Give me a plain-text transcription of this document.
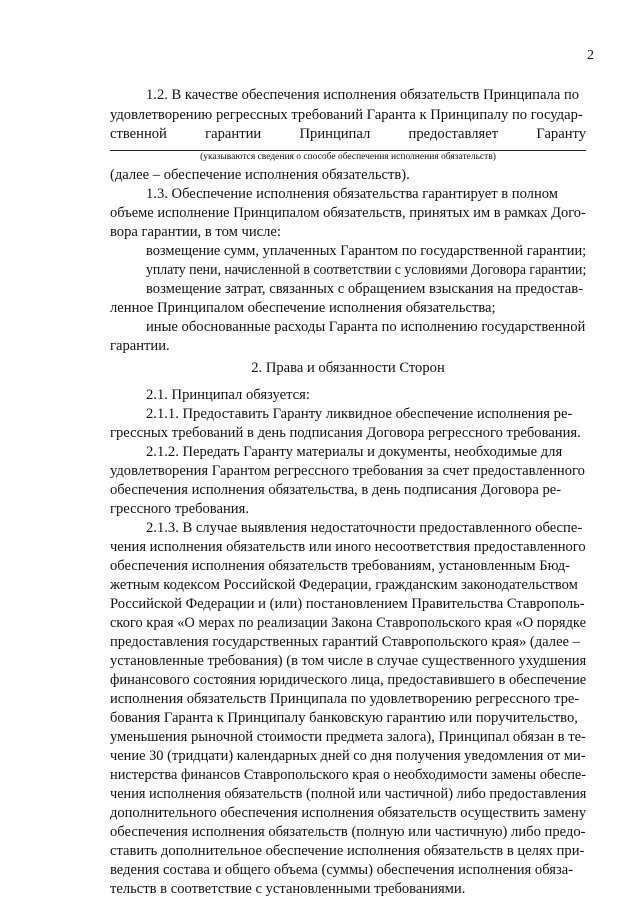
2
1.2. В качестве обеспечения исполнения обязательств Принципала по
удовлетворению регрессных требований Гаранта к Принципалу по государ-
ственной	гарантии	Принципал	предоставляет	Гаранту
(указываются сведения о способе обеспечения исполнения обязательств)
(далее – обеспечение исполнения обязательств).
1.3. Обеспечение исполнения обязательства гарантирует в полном
объеме исполнение Принципалом обязательств, принятых им в рамках Дого-
вора гарантии, в том числе:
возмещение сумм, уплаченных Гарантом по государственной гарантии;
уплату пени, начисленной в соответствии с условиями Договора гарантии;
возмещение затрат, связанных с обращением взыскания на предостав-
ленное Принципалом обеспечение исполнения обязательства;
иные обоснованные расходы Гаранта по исполнению государственной
гарантии.
2. Права и обязанности Сторон
2.1. Принципал обязуется:
2.1.1. Предоставить Гаранту ликвидное обеспечение исполнения ре-
грессных требований в день подписания Договора регрессного требования.
2.1.2. Передать Гаранту материалы и документы, необходимые для
удовлетворения Гарантом регрессного требования за счет предоставленного
обеспечения исполнения обязательства, в день подписания Договора ре-
грессного требования.
2.1.3. В случае выявления недостаточности предоставленного обеспе-
чения исполнения обязательств или иного несоответствия предоставленного
обеспечения исполнения обязательств требованиям, установленным Бюд-
жетным кодексом Российской Федерации, гражданским законодательством
Российской Федерации и (или) постановлением Правительства Ставрополь-
ского края «О мерах по реализации Закона Ставропольского края «О порядке
предоставления государственных гарантий Ставропольского края» (далее –
установленные требования) (в том числе в случае существенного ухудшения
финансового состояния юридического лица, предоставившего в обеспечение
исполнения обязательств Принципала по удовлетворению регрессного тре-
бования Гаранта к Принципалу банковскую гарантию или поручительство,
уменьшения рыночной стоимости предмета залога), Принципал обязан в те-
чение 30 (тридцати) календарных дней со дня получения уведомления от ми-
нистерства финансов Ставропольского края о необходимости замены обеспе-
чения исполнения обязательств (полной или частичной) либо предоставления
дополнительного обеспечения исполнения обязательств осуществить замену
обеспечения исполнения обязательств (полную или частичную) либо предо-
ставить дополнительное обеспечение исполнения обязательств в целях при-
ведения состава и общего объема (суммы) обеспечения исполнения обяза-
тельств в соответствие с установленными требованиями.
